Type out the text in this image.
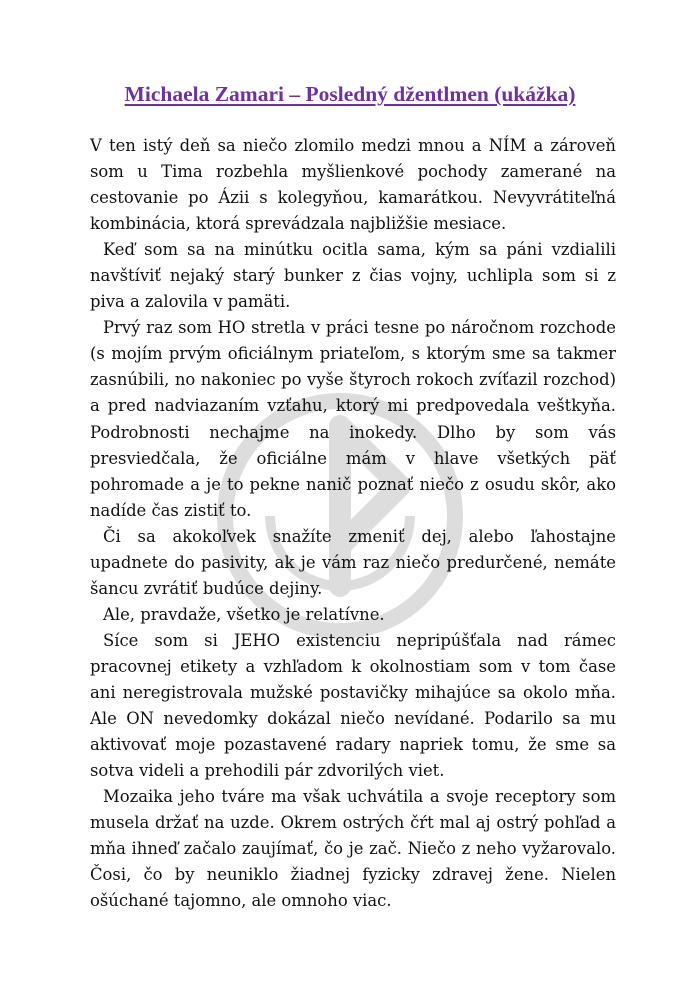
Michaela Zamari – Posledný džentlmen (ukážka)

V ten istý deň sa niečo zlomilo medzi mnou a NÍM a zároveň som u Tima rozbehla myšlienkové pochody zamerané na cestovanie po Ázii s kolegyňou, kamarátkou. Nevyvrátiteľná kombinácia, ktorá sprevádzala najbližšie mesiace.

Keď som sa na minútku ocitla sama, kým sa páni vzdialili navštíviť nejaký starý bunker z čias vojny, uchlipla som si z piva a zalovila v pamäti.

Prvý raz som HO stretla v práci tesne po náročnom rozchode (s mojím prvým oficiálnym priateľom, s ktorým sme sa takmer zasnúbili, no nakoniec po vyše štyroch rokoch zvíťazil rozchod) a pred nadviazaním vzťahu, ktorý mi predpovedala veštkyňa. Podrobnosti nechajme na inokedy. Dlho by som vás presviedčala, že oficiálne mám v hlave všetkých päť pohromade a je to pekne nanič poznať niečo z osudu skôr, ako nadíde čas zistiť to.

Či sa akokoľvek snažíte zmeniť dej, alebo ľahostajne upadnete do pasivity, ak je vám raz niečo predurčené, nemáte šancu zvrátiť budúce dejiny.

Ale, pravdaže, všetko je relatívne.

Síce som si JEHO existenciu nepripúšťala nad rámec pracovnej etikety a vzhľadom k okolnostiam som v tom čase ani neregistrovala mužské postavičky mihajúce sa okolo mňa. Ale ON nevedomky dokázal niečo nevídané. Podarilo sa mu aktivovať moje pozastavené radary napriek tomu, že sme sa sotva videli a prehodili pár zdvorilých viet.

Mozaika jeho tváre ma však uchvátila a svoje receptory som musela držať na uzde. Okrem ostrých čŕt mal aj ostrý pohľad a mňa ihneď začalo zaujímať, čo je zač. Niečo z neho vyžarovalo. Čosi, čo by neuniklo žiadnej fyzicky zdravej žene. Nielen ošúchané tajomno, ale omnoho viac.
